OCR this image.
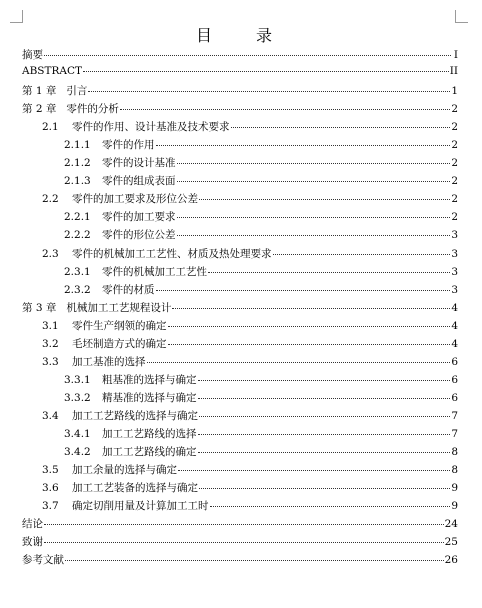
目　录
摘要	I
ABSTRACT	II
第 1 章 引言	1
第 2 章 零件的分析	2
2.1	零件的作用、设计基准及技术要求	2
2.1.1	零件的作用	2
2.1.2	零件的设计基准	2
2.1.3	零件的组成表面	2
2.2	零件的加工要求及形位公差	2
2.2.1	零件的加工要求	2
2.2.2	零件的形位公差	3
2.3	零件的机械加工工艺性、材质及热处理要求	3
2.3.1	零件的机械加工工艺性	3
2.3.2	零件的材质	3
第 3 章 机械加工工艺规程设计	4
3.1	零件生产纲领的确定	4
3.2	毛坯制造方式的确定	4
3.3	加工基准的选择	6
3.3.1	粗基准的选择与确定	6
3.3.2	精基准的选择与确定	6
3.4	加工工艺路线的选择与确定	7
3.4.1	加工工艺路线的选择	7
3.4.2	加工工艺路线的确定	8
3.5	加工余量的选择与确定	8
3.6	加工工艺装备的选择与确定	9
3.7	确定切削用量及计算加工工时	9
结论	24
致谢	25
参考文献	26
